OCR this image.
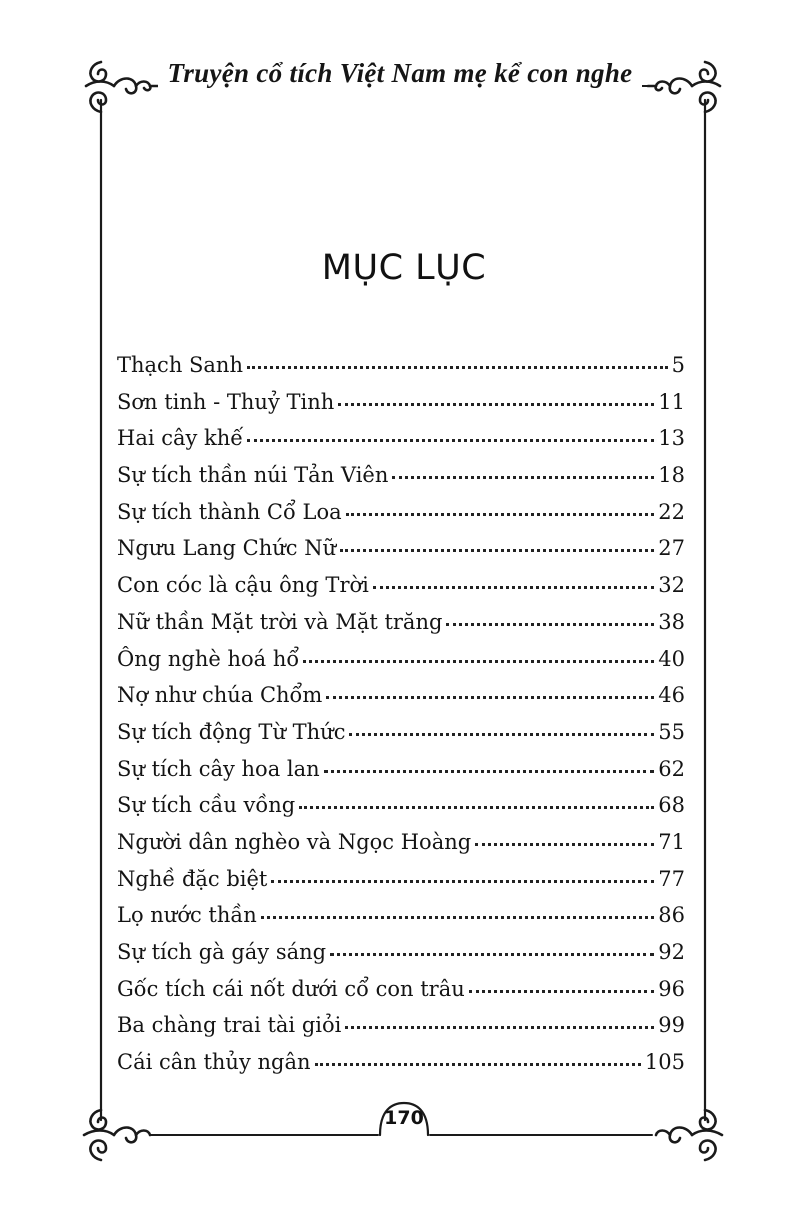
Truyện cổ tích Việt Nam mẹ kể con nghe
MỤC LỤC
Thạch Sanh	5
Sơn tinh - Thuỷ Tinh	11
Hai cây khế	13
Sự tích thần núi Tản Viên	18
Sự tích thành Cổ Loa	22
Ngưu Lang Chức Nữ	27
Con cóc là cậu ông Trời	32
Nữ thần Mặt trời và Mặt trăng	38
Ông nghè hoá hổ	40
Nợ như chúa Chổm	46
Sự tích động Từ Thức	55
Sự tích cây hoa lan	62
Sự tích cầu vồng	68
Người dân nghèo và Ngọc Hoàng	71
Nghề đặc biệt	77
Lọ nước thần	86
Sự tích gà gáy sáng	92
Gốc tích cái nốt dưới cổ con trâu	96
Ba chàng trai tài giỏi	99
Cái cân thủy ngân	105
170
